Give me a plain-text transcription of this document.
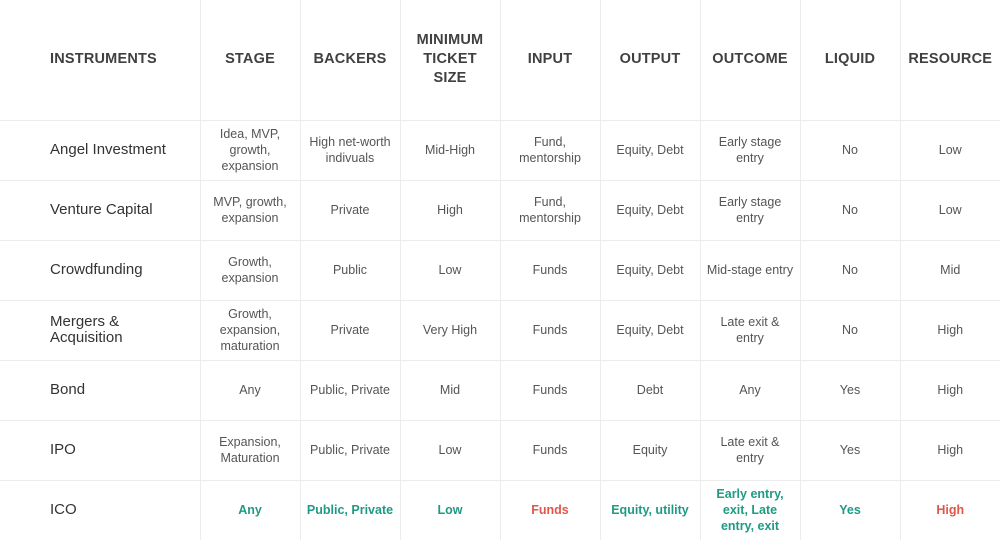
INSTRUMENTS	STAGE	BACKERS	MINIMUM TICKET SIZE	INPUT	OUTPUT	OUTCOME	LIQUID	RESOURCE
Angel Investment	Idea, MVP, growth, expansion	High net-worth indivuals	Mid-High	Fund, mentorship	Equity, Debt	Early stage entry	No	Low
Venture Capital	MVP, growth, expansion	Private	High	Fund, mentorship	Equity, Debt	Early stage entry	No	Low
Crowdfunding	Growth, expansion	Public	Low	Funds	Equity, Debt	Mid-stage entry	No	Mid
Mergers & Acquisition	Growth, expansion, maturation	Private	Very High	Funds	Equity, Debt	Late exit & entry	No	High
Bond	Any	Public, Private	Mid	Funds	Debt	Any	Yes	High
IPO	Expansion, Maturation	Public, Private	Low	Funds	Equity	Late exit & entry	Yes	High
ICO	Any	Public, Private	Low	Funds	Equity, utility	Early entry, exit, Late entry, exit	Yes	High
